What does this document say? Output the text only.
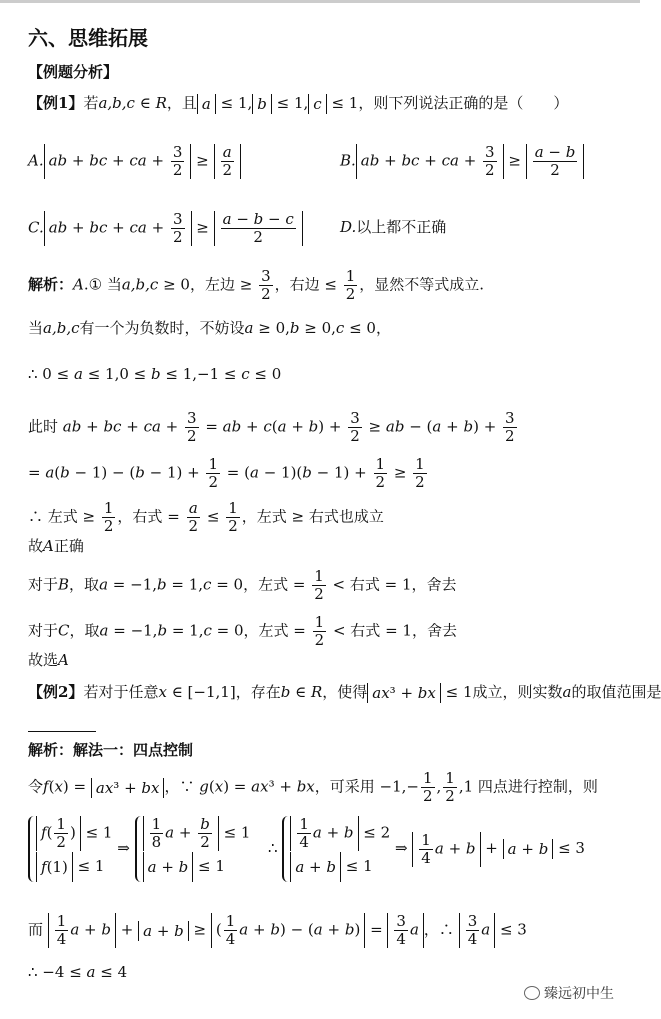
六、思维拓展
【例题分析】
【例1】若a,b,c ∈ R，且 a ≤ 1, b ≤ 1, c ≤ 1，则下列说法正确的是（　　）
A. ab + bc + ca + $\frac{3}{2} \ge \frac{a}{2}$	B. ab + bc + ca + $\frac{3}{2} \ge \frac{a - b}{2}$
C. ab + bc + ca + $\frac{3}{2} \ge \frac{a - b - c}{2}$	D.以上都不正确
解析：A.① 当a,b,c ≥ 0，左边 ≥ $\frac{3}{2}$ ，右边 ≤ $\frac{1}{2}$ ，显然不等式成立.
当a,b,c有一个为负数时，不妨设a ≥ 0,b ≥ 0,c ≤ 0，
∴ 0 ≤ a ≤ 1,0 ≤ b ≤ 1,−1 ≤ c ≤ 0
此时 ab + bc + ca + $\frac{3}{2}$ = ab + $c(a + b) + \frac{3}{2}$ ≥ ab − $(a + b) + \frac{3}{2}$
= $a(b - 1) - (b - 1) + \frac{1}{2} = (a - 1)(b - 1) + \frac{1}{2} \ge \frac{1}{2}$
∴ 左式 ≥ $\frac{1}{2}$ ，右式 = $\frac{a}{2} \le \frac{1}{2}$ ，左式 ≥ 右式也成立
故A正确
对于B，取a = −1,b = 1,c = 0，左式 = $\frac{1}{2}$ < 右式 = 1，舍去
对于C，取a = −1,b = 1,c = 0，左式 = $\frac{1}{2}$ < 右式 = 1，舍去
故选A
【例2】若对于任意x ∈ [−1,1]，存在b ∈ R，使得 ax³ + bx ≤ 1成立，则实数a的取值范围是
解析：解法一：四点控制
令f(x) = ax³ + bx ，∵ g(x) = ax³ + bx，可采用 $-1,- \frac{1}{2}$ , $\frac{1}{2} ,1$ 四点进行控制，则
$f( \frac{1}{2}$ ) ≤ 1
f(1) ≤ 1
⇒ $\frac{1}{8}$ $a + \frac{b}{2} \le 1$
a + b ≤ 1
∴ $\frac{1}{4}$ a + b ≤ 2
a + b ≤ 1
⇒ $\frac{1}{4}$ a + b + a + b ≤ 3
而 $\frac{1}{4}$ a + b + a + b ≥ ( $\frac{1}{4}$ $a + b) - (a + b) = \frac{3}{4}$ a ，∴ $\frac{3}{4}$ a ≤ 3
∴ −4 ≤ a ≤ 4
臻远初中生
